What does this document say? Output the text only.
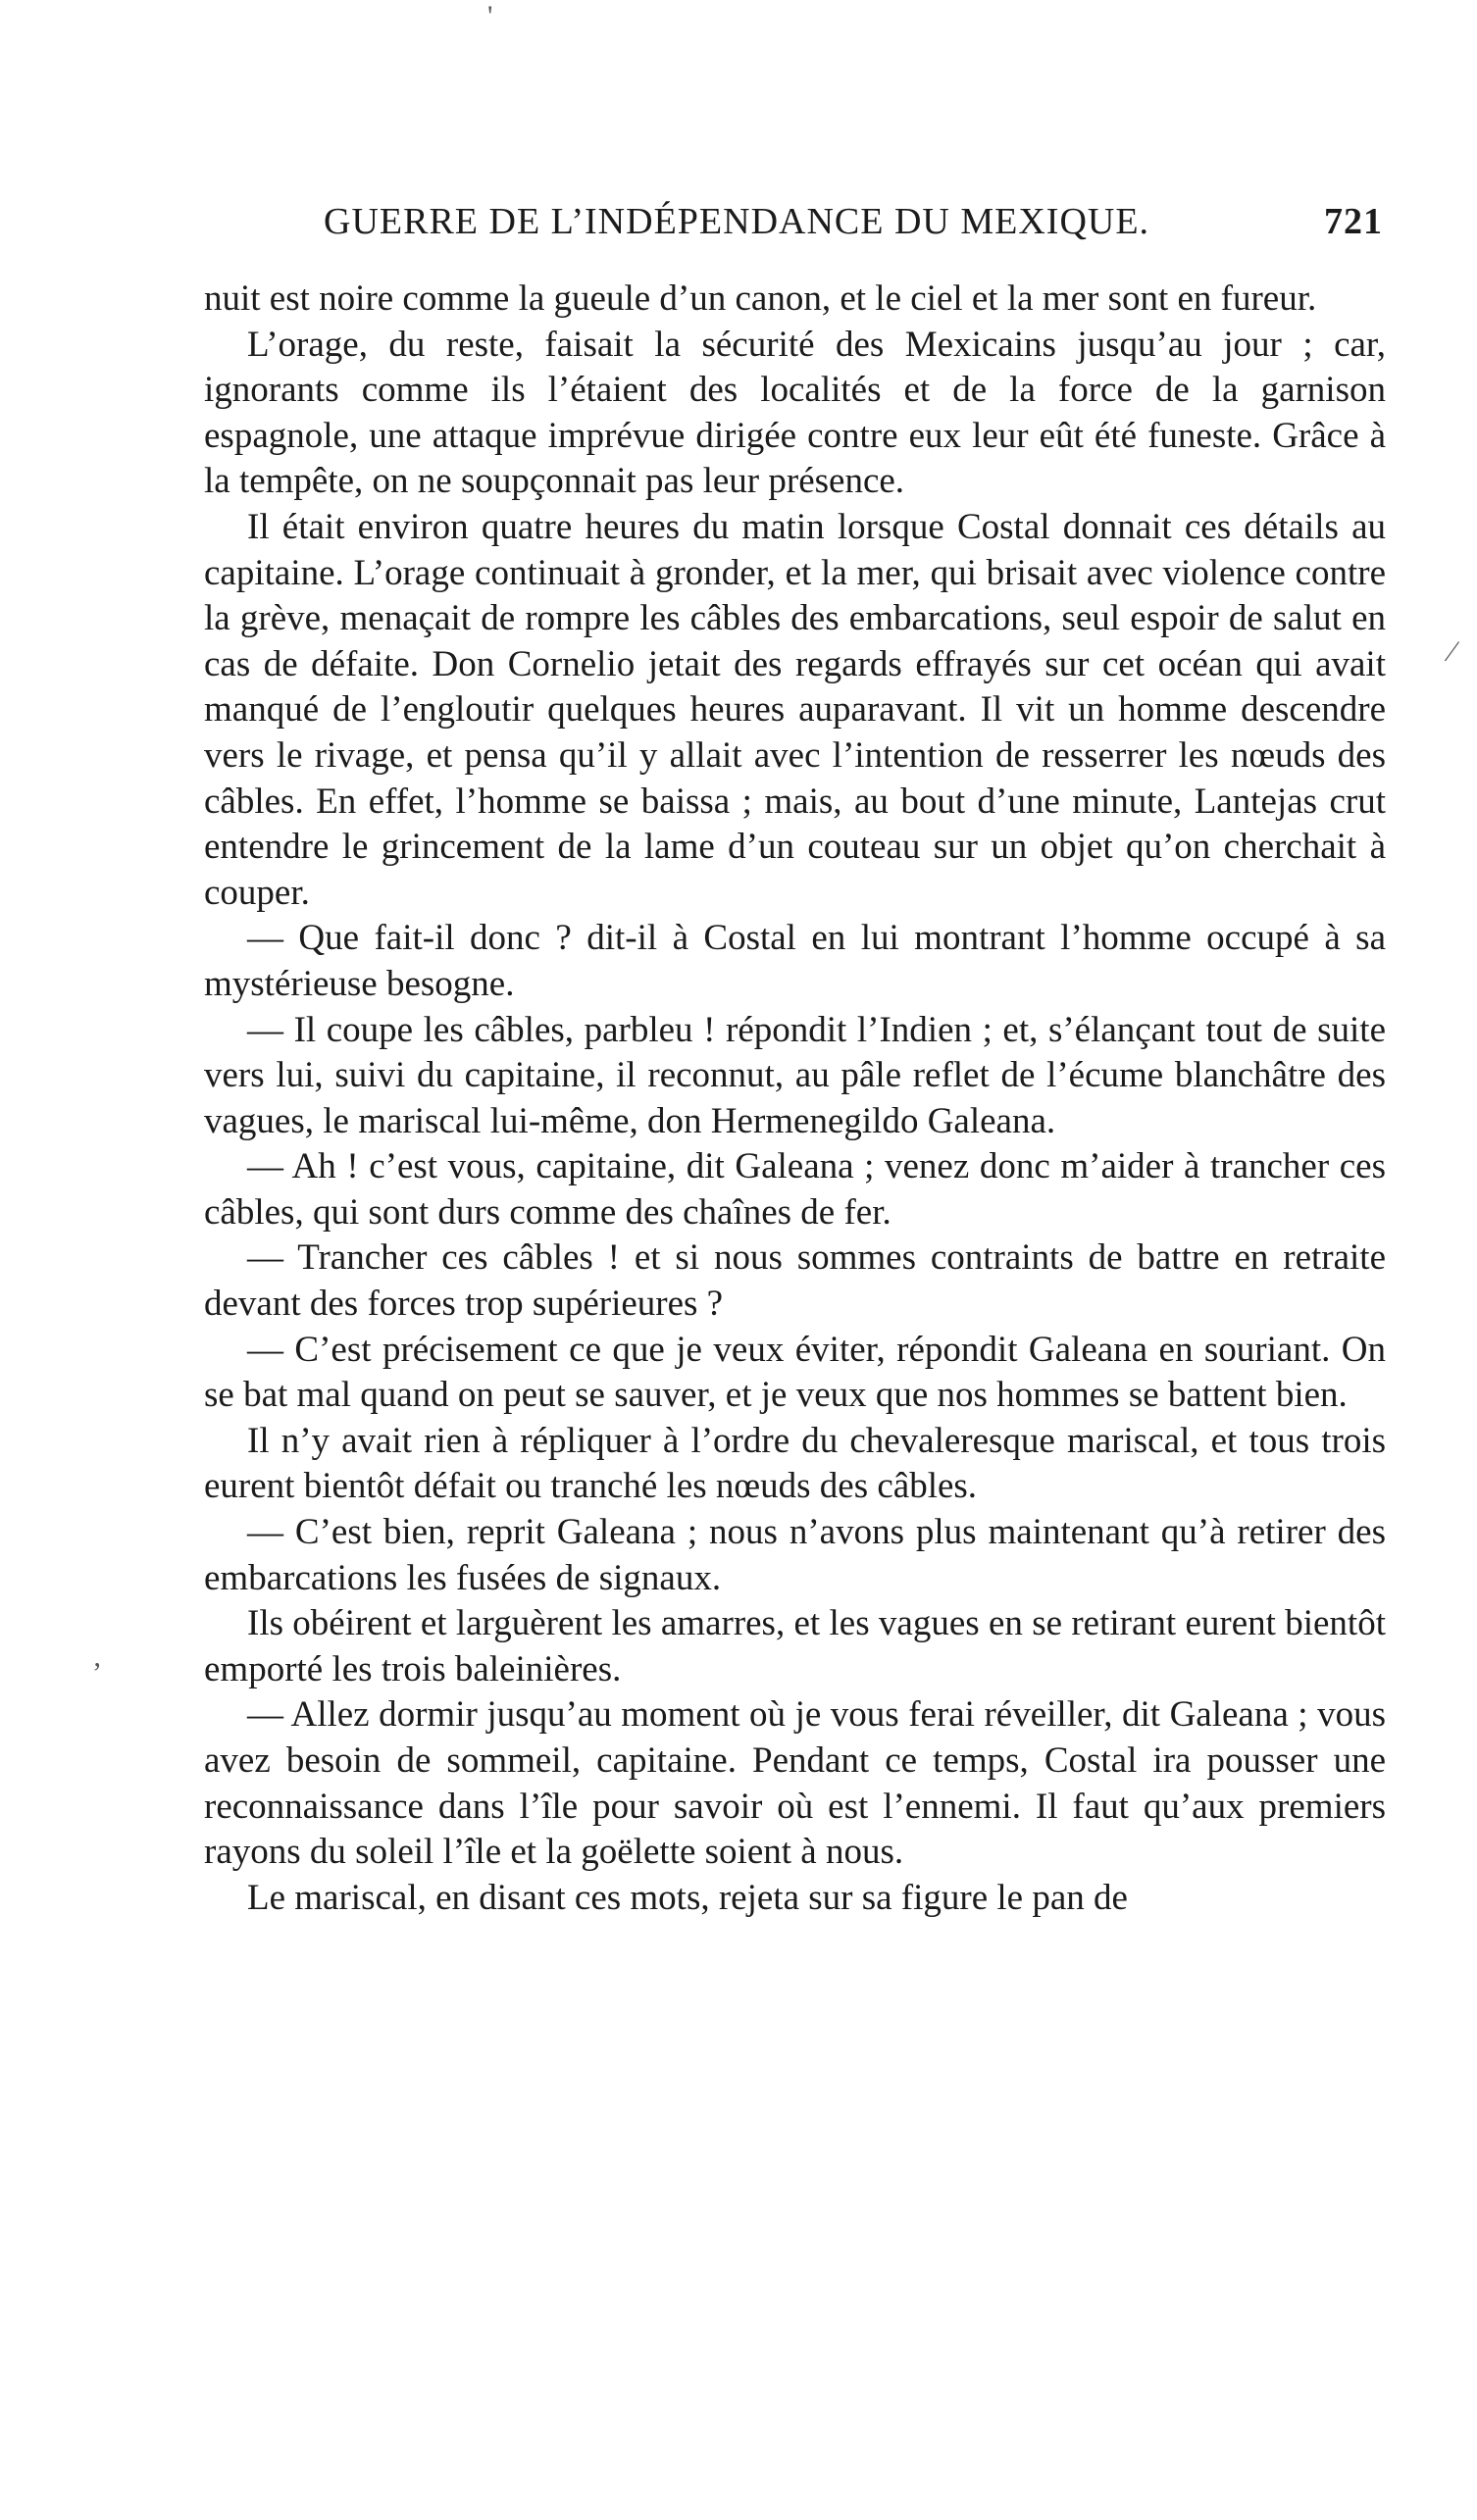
'
⁄
ʼ
GUERRE DE L’INDÉPENDANCE DU MEXIQUE.	721

nuit est noire comme la gueule d’un canon, et le ciel et la mer sont en fureur.

L’orage, du reste, faisait la sécurité des Mexicains jusqu’au jour ; car, ignorants comme ils l’étaient des localités et de la force de la garnison espagnole, une attaque imprévue dirigée contre eux leur eût été funeste. Grâce à la tempête, on ne soupçonnait pas leur présence.

Il était environ quatre heures du matin lorsque Costal donnait ces détails au capitaine. L’orage continuait à gronder, et la mer, qui brisait avec violence contre la grève, menaçait de rompre les câbles des embarcations, seul espoir de salut en cas de défaite. Don Cornelio jetait des regards effrayés sur cet océan qui avait manqué de l’engloutir quelques heures auparavant. Il vit un homme descendre vers le rivage, et pensa qu’il y allait avec l’intention de resserrer les nœuds des câbles. En effet, l’homme se baissa ; mais, au bout d’une minute, Lantejas crut entendre le grincement de la lame d’un couteau sur un objet qu’on cherchait à couper.

— Que fait-il donc ? dit-il à Costal en lui montrant l’homme occupé à sa mystérieuse besogne.

— Il coupe les câbles, parbleu ! répondit l’Indien ; et, s’élançant tout de suite vers lui, suivi du capitaine, il reconnut, au pâle reflet de l’écume blanchâtre des vagues, le mariscal lui-même, don Hermenegildo Galeana.

— Ah ! c’est vous, capitaine, dit Galeana ; venez donc m’aider à trancher ces câbles, qui sont durs comme des chaînes de fer.

— Trancher ces câbles ! et si nous sommes contraints de battre en retraite devant des forces trop supérieures ?

— C’est précisement ce que je veux éviter, répondit Galeana en souriant. On se bat mal quand on peut se sauver, et je veux que nos hommes se battent bien.

Il n’y avait rien à répliquer à l’ordre du chevaleresque mariscal, et tous trois eurent bientôt défait ou tranché les nœuds des câbles.

— C’est bien, reprit Galeana ; nous n’avons plus maintenant qu’à retirer des embarcations les fusées de signaux.

Ils obéirent et larguèrent les amarres, et les vagues en se retirant eurent bientôt emporté les trois baleinières.

— Allez dormir jusqu’au moment où je vous ferai réveiller, dit Galeana ; vous avez besoin de sommeil, capitaine. Pendant ce temps, Costal ira pousser une reconnaissance dans l’île pour savoir où est l’ennemi. Il faut qu’aux premiers rayons du soleil l’île et la goëlette soient à nous.

Le mariscal, en disant ces mots, rejeta sur sa figure le pan de
